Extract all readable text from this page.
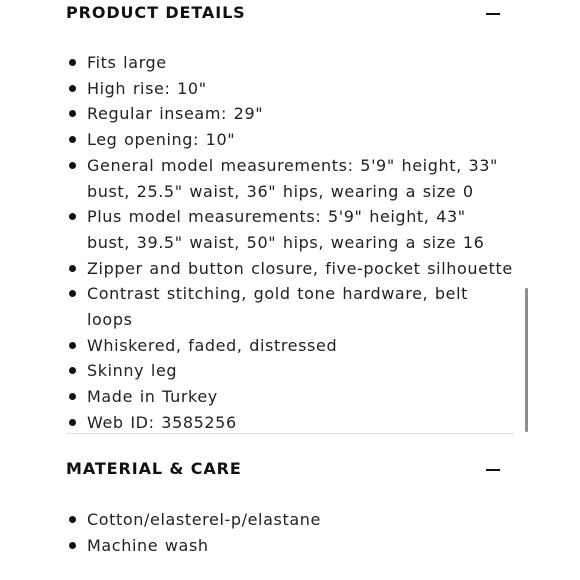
PRODUCT DETAILS
Fits large
High rise: 10"
Regular inseam: 29"
Leg opening: 10"
General model measurements: 5'9" height, 33" bust, 25.5" waist, 36" hips, wearing a size 0
Plus model measurements: 5'9" height, 43" bust, 39.5" waist, 50" hips, wearing a size 16
Zipper and button closure, five-pocket silhouette
Contrast stitching, gold tone hardware, belt loops
Whiskered, faded, distressed
Skinny leg
Made in Turkey
Web ID: 3585256
MATERIAL & CARE
Cotton/elasterel-p/elastane
Machine wash
